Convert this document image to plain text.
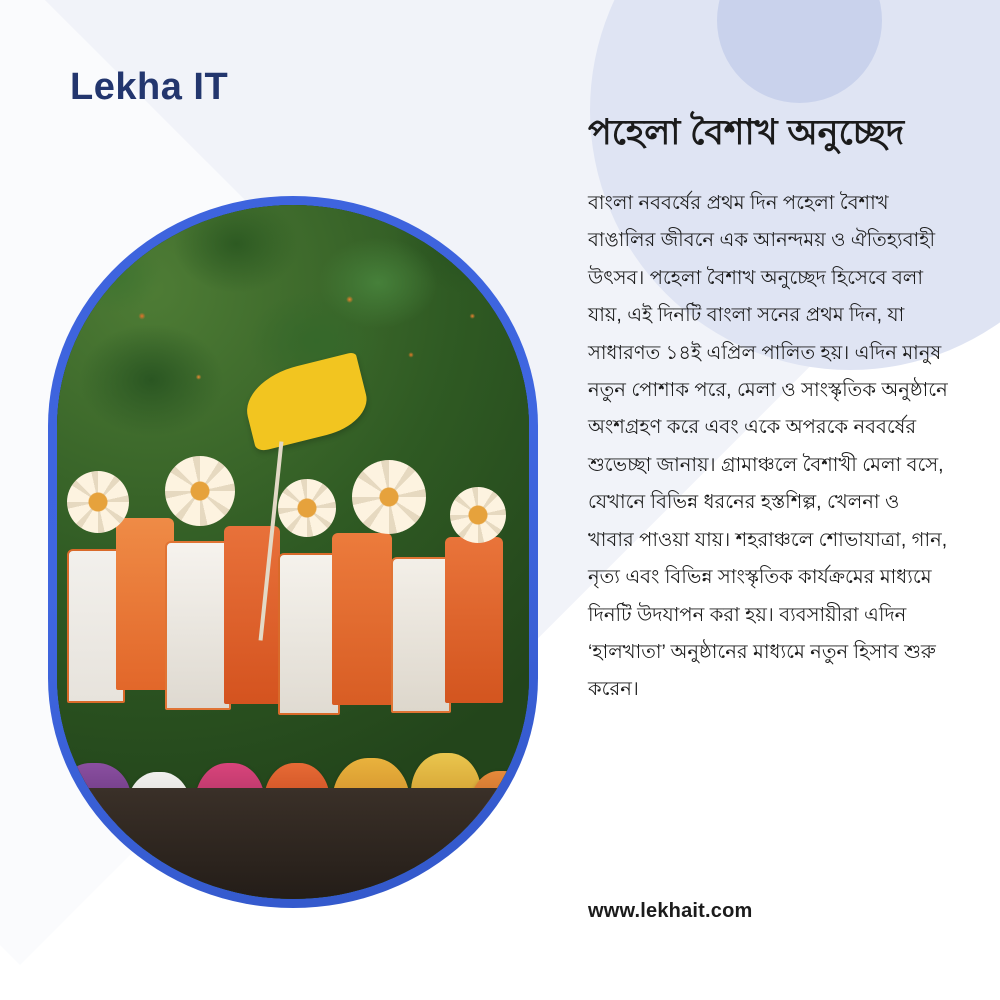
Lekha IT
পহেলা বৈশাখ অনুচ্ছেদ

বাংলা নববর্ষের প্রথম দিন পহেলা বৈশাখ বাঙালির জীবনে এক আনন্দময় ও ঐতিহ্যবাহী উৎসব। পহেলা বৈশাখ অনুচ্ছেদ হিসেবে বলা যায়, এই দিনটি বাংলা সনের প্রথম দিন, যা সাধারণত ১৪ই এপ্রিল পালিত হয়। এদিন মানুষ নতুন পোশাক পরে, মেলা ও সাংস্কৃতিক অনুষ্ঠানে অংশগ্রহণ করে এবং একে অপরকে নববর্ষের শুভেচ্ছা জানায়। গ্রামাঞ্চলে বৈশাখী মেলা বসে, যেখানে বিভিন্ন ধরনের হস্তশিল্প, খেলনা ও খাবার পাওয়া যায়। শহরাঞ্চলে শোভাযাত্রা, গান, নৃত্য এবং বিভিন্ন সাংস্কৃতিক কার্যক্রমের মাধ্যমে দিনটি উদযাপন করা হয়। ব্যবসায়ীরা এদিন ‘হালখাতা’ অনুষ্ঠানের মাধ্যমে নতুন হিসাব শুরু করেন।

www.lekhait.com
